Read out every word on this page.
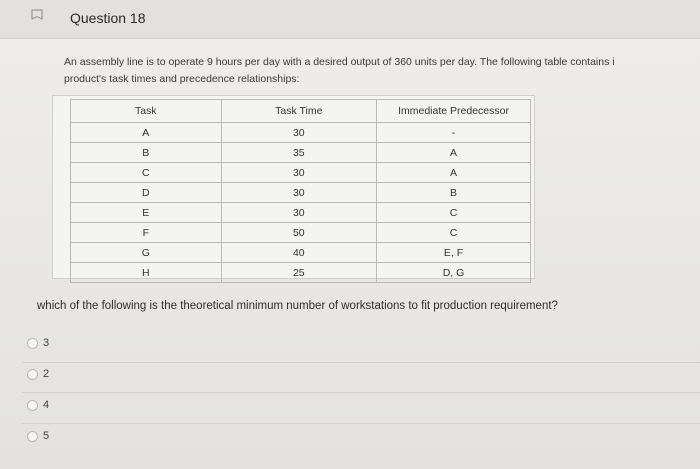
Question 18
An assembly line is to operate 9 hours per day with a desired output of 360 units per day. The following table contains i
product's task times and precedence relationships:
Task	Task Time	Immediate Predecessor
A	30	-
B	35	A
C	30	A
D	30	B
E	30	C
F	50	C
G	40	E, F
H	25	D, G
which of the following is the theoretical minimum number of workstations to fit production requirement?
3
2
4
5
